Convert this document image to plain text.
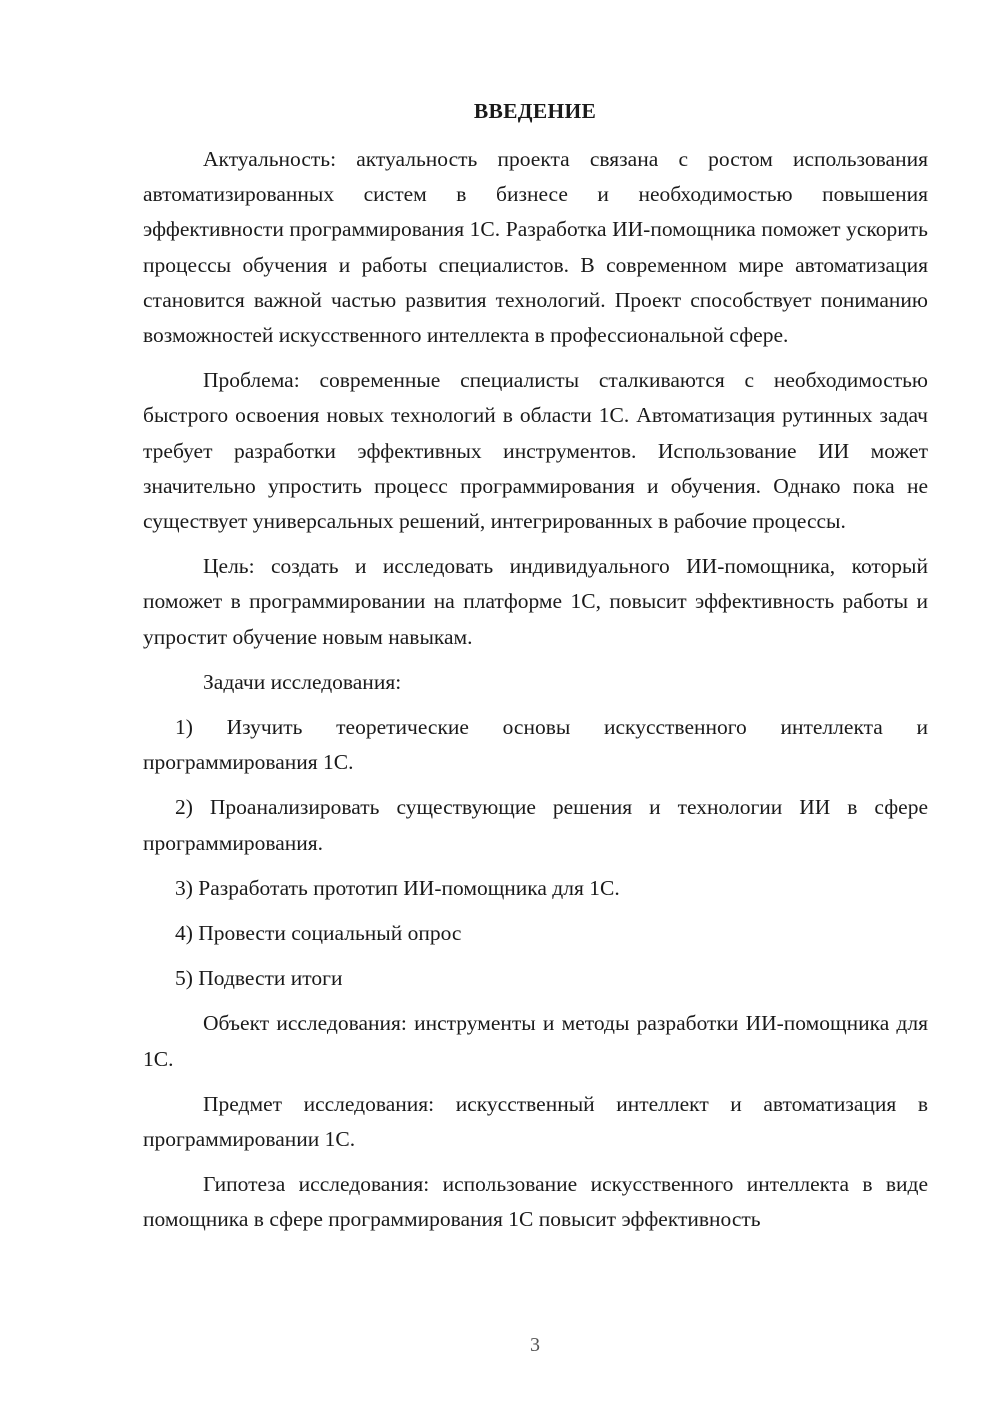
ВВЕДЕНИЕ

Актуальность: актуальность проекта связана с ростом использования автоматизированных систем в бизнесе и необходимостью повышения эффективности программирования 1С. Разработка ИИ-помощника поможет ускорить процессы обучения и работы специалистов. В современном мире автоматизация становится важной частью развития технологий. Проект способствует пониманию возможностей искусственного интеллекта в профессиональной сфере.

Проблема: современные специалисты сталкиваются с необходимостью быстрого освоения новых технологий в области 1С. Автоматизация рутинных задач требует разработки эффективных инструментов. Использование ИИ может значительно упростить процесс программирования и обучения. Однако пока не существует универсальных решений, интегрированных в рабочие процессы.

Цель: создать и исследовать индивидуального ИИ-помощника, который поможет в программировании на платформе 1С, повысит эффективность работы и упростит обучение новым навыкам.

Задачи исследования:

1) Изучить теоретические основы искусственного интеллекта и программирования 1С.

2) Проанализировать существующие решения и технологии ИИ в сфере программирования.

3) Разработать прототип ИИ-помощника для 1С.

4) Провести социальный опрос

5) Подвести итоги

Объект исследования: инструменты и методы разработки ИИ-помощника для 1С.

Предмет исследования: искусственный интеллект и автоматизация в программировании 1С.

Гипотеза исследования: использование искусственного интеллекта в виде помощника в сфере программирования 1С повысит эффективность

3
